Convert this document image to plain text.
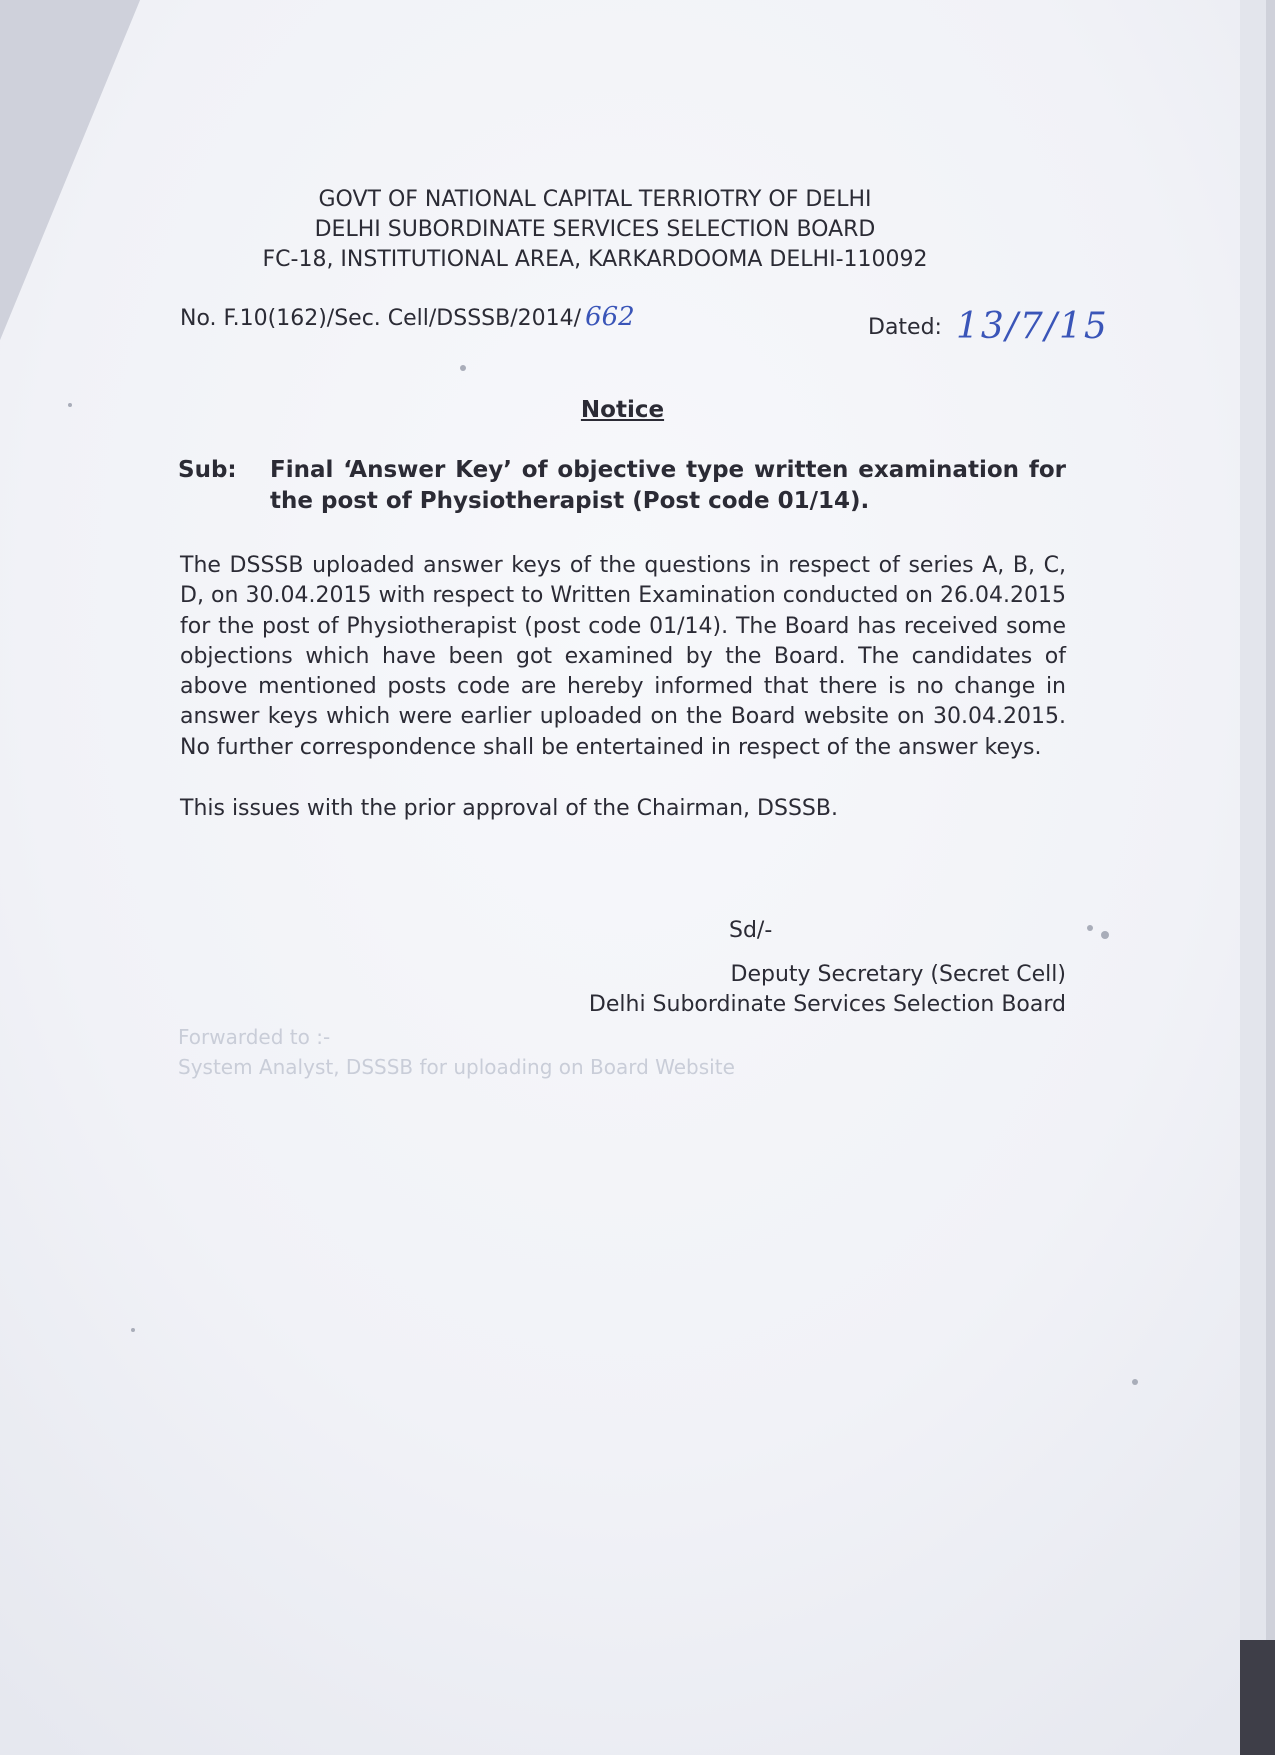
GOVT OF NATIONAL CAPITAL TERRIOTRY OF DELHI
DELHI SUBORDINATE SERVICES SELECTION BOARD
FC-18, INSTITUTIONAL AREA, KARKARDOOMA DELHI-110092
No. F.10(162)/Sec. Cell/DSSSB/2014/ 662	Dated: 13/7/15
Notice
Sub: Final ‘Answer Key’ of objective type written examination for the post of Physiotherapist (Post code 01/14).
The DSSSB uploaded answer keys of the questions in respect of series A, B, C, D, on 30.04.2015 with respect to Written Examination conducted on 26.04.2015 for the post of Physiotherapist (post code 01/14). The Board has received some objections which have been got examined by the Board. The candidates of above mentioned posts code are hereby informed that there is no change in answer keys which were earlier uploaded on the Board website on 30.04.2015. No further correspondence shall be entertained in respect of the answer keys.
This issues with the prior approval of the Chairman, DSSSB.
Sd/-
Deputy Secretary (Secret Cell)
Delhi Subordinate Services Selection Board
Forwarded to :-
System Analyst, DSSSB for uploading on Board Website
